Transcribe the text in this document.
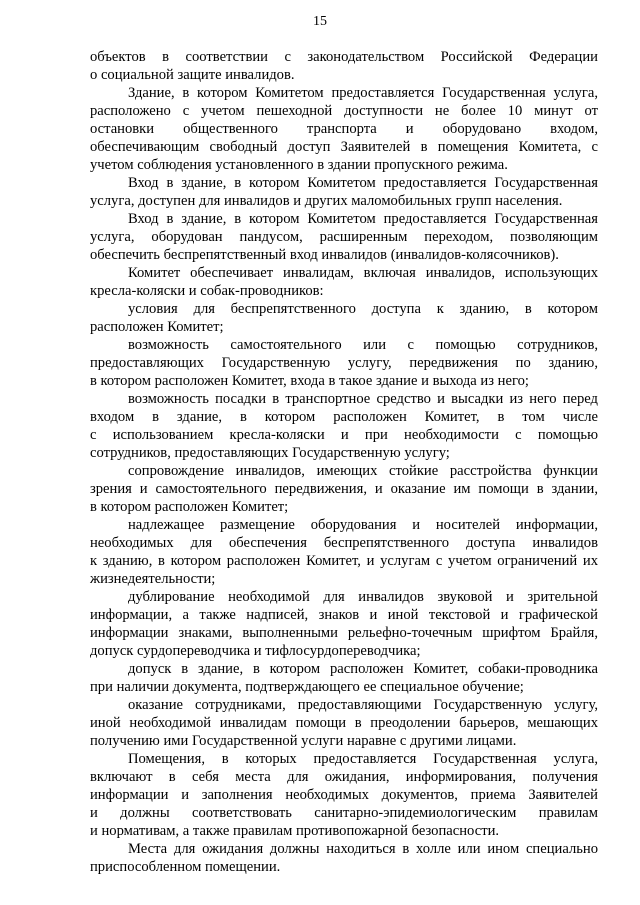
15
объектов в соответствии с законодательством Российской Федерации
о социальной защите инвалидов.
Здание, в котором Комитетом предоставляется Государственная услуга,
расположено с учетом пешеходной доступности не более 10 минут от
остановки общественного транспорта и оборудовано входом,
обеспечивающим свободный доступ Заявителей в помещения Комитета, с
учетом соблюдения установленного в здании пропускного режима.
Вход в здание, в котором Комитетом предоставляется Государственная
услуга, доступен для инвалидов и других маломобильных групп населения.
Вход в здание, в котором Комитетом предоставляется Государственная
услуга, оборудован пандусом, расширенным переходом, позволяющим
обеспечить беспрепятственный вход инвалидов (инвалидов-колясочников).
Комитет обеспечивает инвалидам, включая инвалидов, использующих
кресла-коляски и собак-проводников:
условия для беспрепятственного доступа к зданию, в котором
расположен Комитет;
возможность самостоятельного или с помощью сотрудников,
предоставляющих Государственную услугу, передвижения по зданию,
в котором расположен Комитет, входа в такое здание и выхода из него;
возможность посадки в транспортное средство и высадки из него перед
входом в здание, в котором расположен Комитет, в том числе
с использованием кресла-коляски и при необходимости с помощью
сотрудников, предоставляющих Государственную услугу;
сопровождение инвалидов, имеющих стойкие расстройства функции
зрения и самостоятельного передвижения, и оказание им помощи в здании,
в котором расположен Комитет;
надлежащее размещение оборудования и носителей информации,
необходимых для обеспечения беспрепятственного доступа инвалидов
к зданию, в котором расположен Комитет, и услугам с учетом ограничений их
жизнедеятельности;
дублирование необходимой для инвалидов звуковой и зрительной
информации, а также надписей, знаков и иной текстовой и графической
информации знаками, выполненными рельефно-точечным шрифтом Брайля,
допуск сурдопереводчика и тифлосурдопереводчика;
допуск в здание, в котором расположен Комитет, собаки-проводника
при наличии документа, подтверждающего ее специальное обучение;
оказание сотрудниками, предоставляющими Государственную услугу,
иной необходимой инвалидам помощи в преодолении барьеров, мешающих
получению ими Государственной услуги наравне с другими лицами.
Помещения, в которых предоставляется Государственная услуга,
включают в себя места для ожидания, информирования, получения
информации и заполнения необходимых документов, приема Заявителей
и должны соответствовать санитарно-эпидемиологическим правилам
и нормативам, а также правилам противопожарной безопасности.
Места для ожидания должны находиться в холле или ином специально
приспособленном помещении.
